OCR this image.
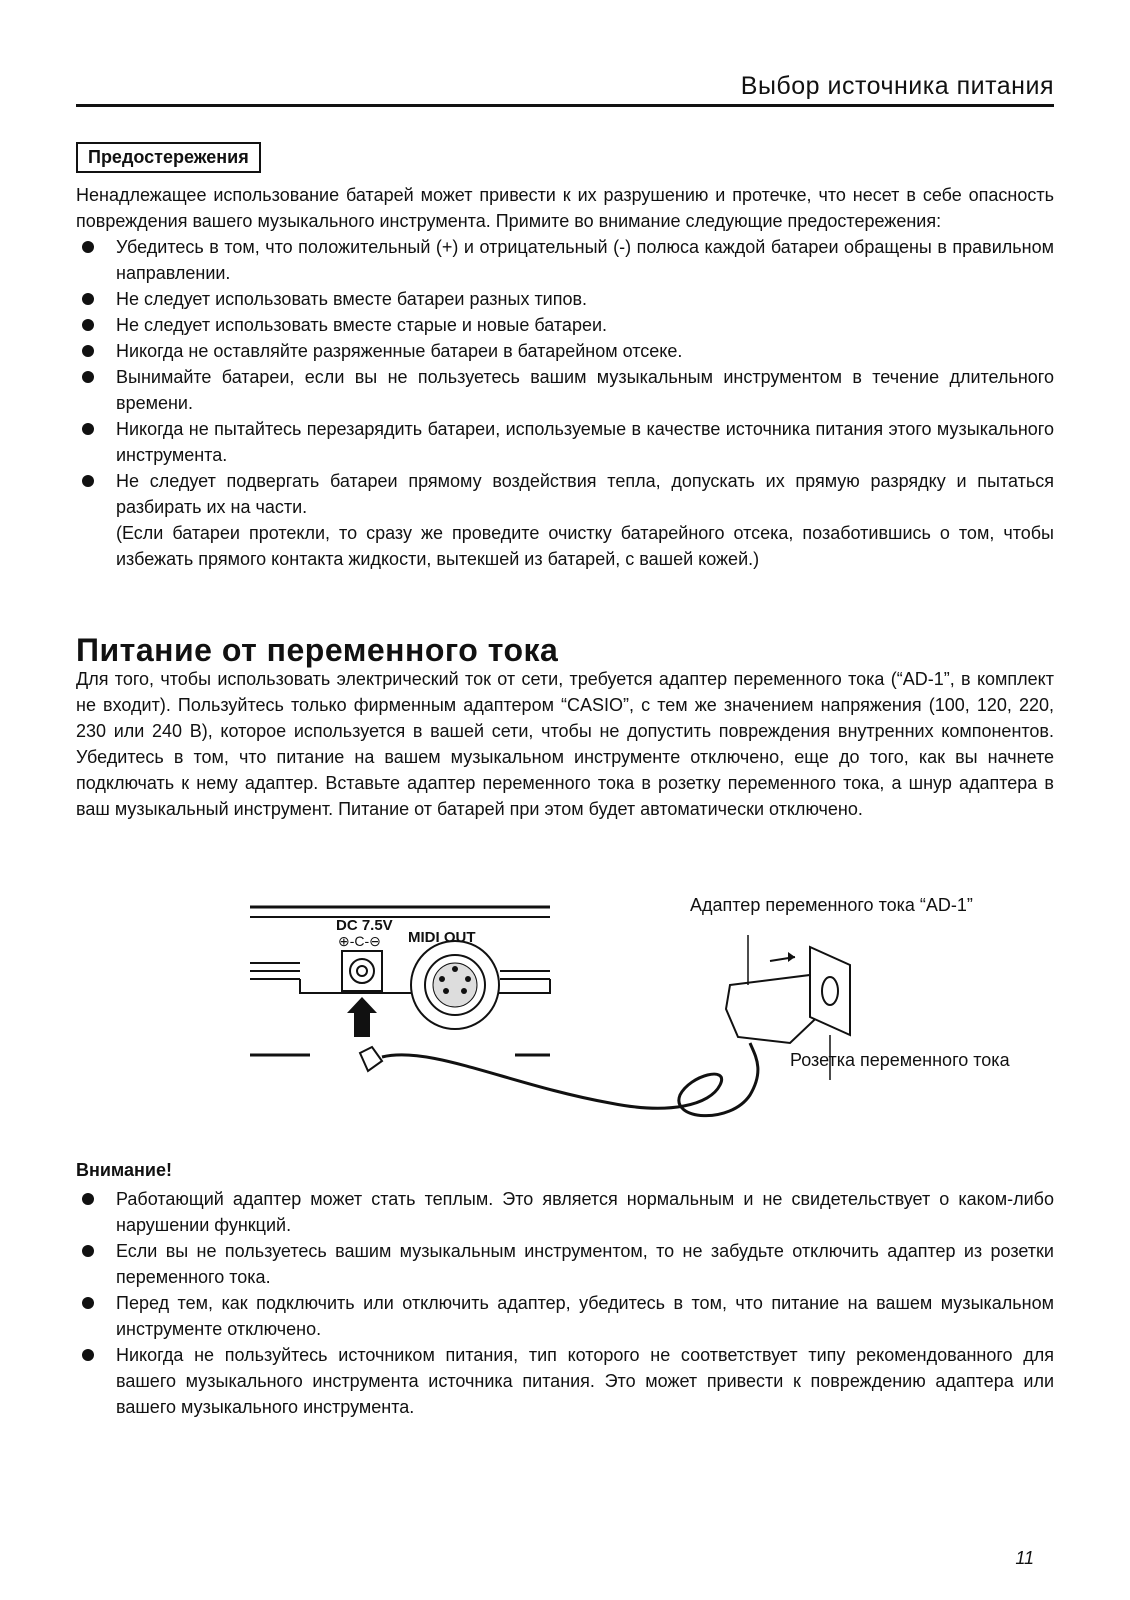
Выбор источника питания
Предостережения

Ненадлежащее использование батарей может привести к их разрушению и протечке, что несет в себе опасность повреждения вашего музыкального инструмента. Примите во внимание следующие предостережения:

Убедитесь в том, что положительный (+) и отрицательный (-) полюса каждой батареи обращены в правильном направлении.
Не следует использовать вместе батареи разных типов.
Не следует использовать вместе старые и новые батареи.
Никогда не оставляйте разряженные батареи в батарейном отсеке.
Вынимайте батареи, если вы не пользуетесь вашим музыкальным инструментом в течение длительного времени.
Никогда не пытайтесь перезарядить батареи, используемые в качестве источника питания этого музыкального инструмента.
Не следует подвергать батареи прямому воздействия тепла, допускать их прямую разрядку и пытаться разбирать их на части.
(Если батареи протекли, то сразу же проведите очистку батарейного отсека, позаботившись о том, чтобы избежать прямого контакта жидкости, вытекшей из батарей, с вашей кожей.)
Питание от переменного тока

Для того, чтобы использовать электрический ток от сети, требуется адаптер переменного тока (“AD-1”, в комплект не входит). Пользуйтесь только фирменным адаптером “CASIO”, с тем же значением напряжения (100, 120, 220, 230 или 240 В), которое используется в вашей сети, чтобы не допустить повреждения внутренних компонентов. Убедитесь в том, что питание на вашем музыкальном инструменте отключено, еще до того, как вы начнете подключать к нему адаптер. Вставьте адаптер переменного тока в розетку переменного тока, а шнур адаптера в ваш музыкальный инструмент. Питание от батарей при этом будет автоматически отключено.

DC 7.5V
⊕-C-⊖ MIDI OUT
Адаптер переменного тока “AD-1”
Розетка переменного тока
Внимание!
Работающий адаптер может стать теплым. Это является нормальным и не свидетельствует о каком-либо нарушении функций.
Если вы не пользуетесь вашим музыкальным инструментом, то не забудьте отключить адаптер из розетки переменного тока.
Перед тем, как подключить или отключить адаптер, убедитесь в том, что питание на вашем музыкальном инструменте отключено.
Никогда не пользуйтесь источником питания, тип которого не соответствует типу рекомендованного для вашего музыкального инструмента источника питания. Это может привести к повреждению адаптера или вашего музыкального инструмента.
11
